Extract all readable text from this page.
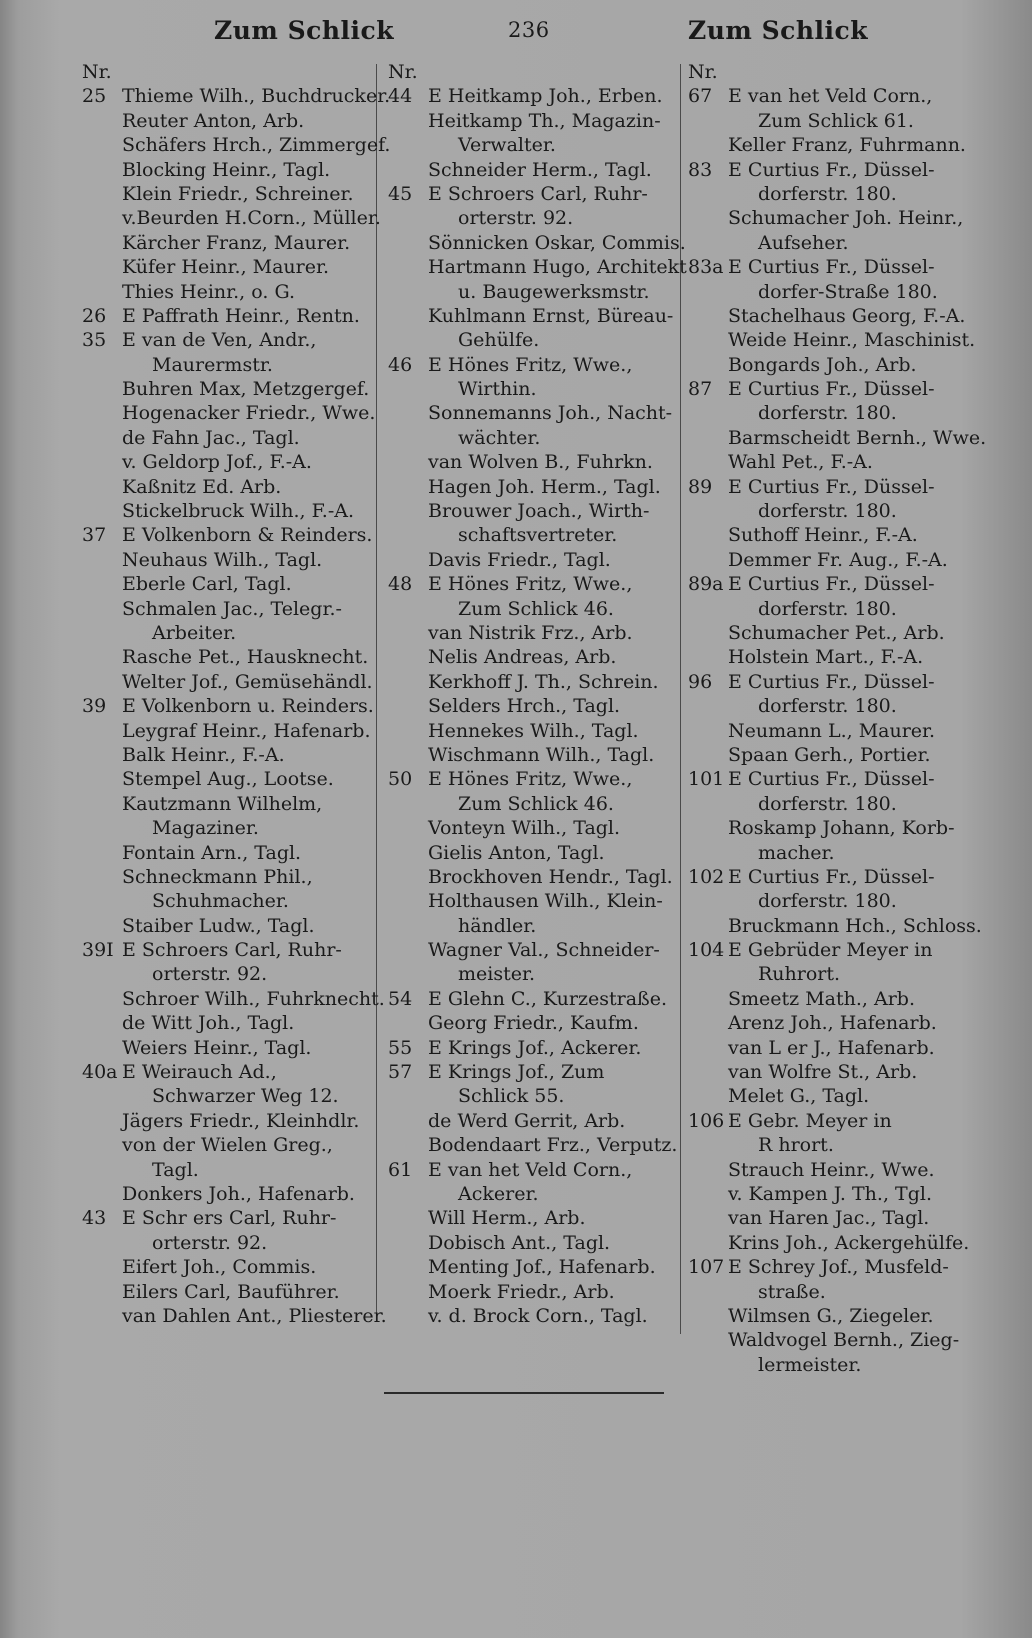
Zum Schlick	236	Zum Schlick
Nr.
25 Thieme Wilh., Buchdrucker.
Reuter Anton, Arb.
Schäfers Hrch., Zimmergef.
Blocking Heinr., Tagl.
Klein Friedr., Schreiner.
v.Beurden H.Corn., Müller.
Kärcher Franz, Maurer.
Küfer Heinr., Maurer.
Thies Heinr., o. G.
26 E Paffrath Heinr., Rentn.
35 E van de Ven, Andr.,
Maurermstr.
Buhren Max, Metzgergef.
Hogenacker Friedr., Wwe.
de Fahn Jac., Tagl.
v. Geldorp Jof., F.-A.
Kaßnitz Ed. Arb.
Stickelbruck Wilh., F.-A.
37 E Volkenborn & Reinders.
Neuhaus Wilh., Tagl.
Eberle Carl, Tagl.
Schmalen Jac., Telegr.-
Arbeiter.
Rasche Pet., Hausknecht.
Welter Jof., Gemüsehändl.
39 E Volkenborn u. Reinders.
Leygraf Heinr., Hafenarb.
Balk Heinr., F.-A.
Stempel Aug., Lootse.
Kautzmann Wilhelm,
Magaziner.
Fontain Arn., Tagl.
Schneckmann Phil.,
Schuhmacher.
Staiber Ludw., Tagl.
39I E Schroers Carl, Ruhr-
orterstr. 92.
Schroer Wilh., Fuhrknecht.
de Witt Joh., Tagl.
Weiers Heinr., Tagl.
40a E Weirauch Ad.,
Schwarzer Weg 12.
Jägers Friedr., Kleinhdlr.
von der Wielen Greg.,
Tagl.
Donkers Joh., Hafenarb.
43 E Schr ers Carl, Ruhr-
orterstr. 92.
Eifert Joh., Commis.
Eilers Carl, Bauführer.
van Dahlen Ant., Pliesterer.
Nr.
44 E Heitkamp Joh., Erben.
Heitkamp Th., Magazin-
Verwalter.
Schneider Herm., Tagl.
45 E Schroers Carl, Ruhr-
orterstr. 92.
Sönnicken Oskar, Commis.
Hartmann Hugo, Architekt
u. Baugewerksmstr.
Kuhlmann Ernst, Büreau-
Gehülfe.
46 E Hönes Fritz, Wwe.,
Wirthin.
Sonnemanns Joh., Nacht-
wächter.
van Wolven B., Fuhrkn.
Hagen Joh. Herm., Tagl.
Brouwer Joach., Wirth-
schaftsvertreter.
Davis Friedr., Tagl.
48 E Hönes Fritz, Wwe.,
Zum Schlick 46.
van Nistrik Frz., Arb.
Nelis Andreas, Arb.
Kerkhoff J. Th., Schrein.
Selders Hrch., Tagl.
Hennekes Wilh., Tagl.
Wischmann Wilh., Tagl.
50 E Hönes Fritz, Wwe.,
Zum Schlick 46.
Vonteyn Wilh., Tagl.
Gielis Anton, Tagl.
Brockhoven Hendr., Tagl.
Holthausen Wilh., Klein-
händler.
Wagner Val., Schneider-
meister.
54 E Glehn C., Kurzestraße.
Georg Friedr., Kaufm.
55 E Krings Jof., Ackerer.
57 E Krings Jof., Zum
Schlick 55.
de Werd Gerrit, Arb.
Bodendaart Frz., Verputz.
61 E van het Veld Corn.,
Ackerer.
Will Herm., Arb.
Dobisch Ant., Tagl.
Menting Jof., Hafenarb.
Moerk Friedr., Arb.
v. d. Brock Corn., Tagl.
Nr.
67 E van het Veld Corn.,
Zum Schlick 61.
Keller Franz, Fuhrmann.
83 E Curtius Fr., Düssel-
dorferstr. 180.
Schumacher Joh. Heinr.,
Aufseher.
83a E Curtius Fr., Düssel-
dorfer-Straße 180.
Stachelhaus Georg, F.-A.
Weide Heinr., Maschinist.
Bongards Joh., Arb.
87 E Curtius Fr., Düssel-
dorferstr. 180.
Barmscheidt Bernh., Wwe.
Wahl Pet., F.-A.
89 E Curtius Fr., Düssel-
dorferstr. 180.
Suthoff Heinr., F.-A.
Demmer Fr. Aug., F.-A.
89a E Curtius Fr., Düssel-
dorferstr. 180.
Schumacher Pet., Arb.
Holstein Mart., F.-A.
96 E Curtius Fr., Düssel-
dorferstr. 180.
Neumann L., Maurer.
Spaan Gerh., Portier.
101 E Curtius Fr., Düssel-
dorferstr. 180.
Roskamp Johann, Korb-
macher.
102 E Curtius Fr., Düssel-
dorferstr. 180.
Bruckmann Hch., Schloss.
104 E Gebrüder Meyer in
Ruhrort.
Smeetz Math., Arb.
Arenz Joh., Hafenarb.
van L er J., Hafenarb.
van Wolfre St., Arb.
Melet G., Tagl.
106 E Gebr. Meyer in
R hrort.
Strauch Heinr., Wwe.
v. Kampen J. Th., Tgl.
van Haren Jac., Tagl.
Krins Joh., Ackergehülfe.
107 E Schrey Jof., Musfeld-
straße.
Wilmsen G., Ziegeler.
Waldvogel Bernh., Zieg-
lermeister.
